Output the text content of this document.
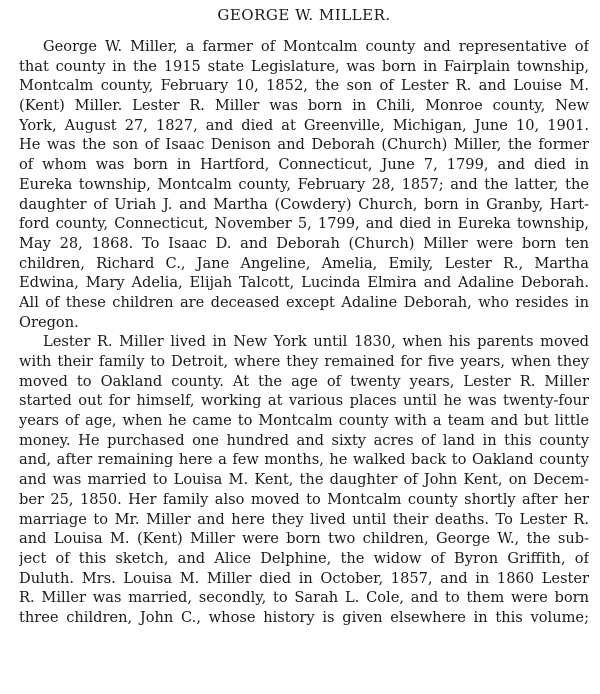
GEORGE W. MILLER.
George W. Miller, a farmer of Montcalm county and representative of
that county in the 1915 state Legislature, was born in Fairplain township,
Montcalm county, February 10, 1852, the son of Lester R. and Louise M.
(Kent) Miller. Lester R. Miller was born in Chili, Monroe county, New
York, August 27, 1827, and died at Greenville, Michigan, June 10, 1901.
He was the son of Isaac Denison and Deborah (Church) Miller, the former
of whom was born in Hartford, Connecticut, June 7, 1799, and died in
Eureka township, Montcalm county, February 28, 1857; and the latter, the
daughter of Uriah J. and Martha (Cowdery) Church, born in Granby, Hart-
ford county, Connecticut, November 5, 1799, and died in Eureka township,
May 28, 1868. To Isaac D. and Deborah (Church) Miller were born ten
children, Richard C., Jane Angeline, Amelia, Emily, Lester R., Martha
Edwina, Mary Adelia, Elijah Talcott, Lucinda Elmira and Adaline Deborah.
All of these children are deceased except Adaline Deborah, who resides in
Oregon.
Lester R. Miller lived in New York until 1830, when his parents moved
with their family to Detroit, where they remained for five years, when they
moved to Oakland county. At the age of twenty years, Lester R. Miller
started out for himself, working at various places until he was twenty-four
years of age, when he came to Montcalm county with a team and but little
money. He purchased one hundred and sixty acres of land in this county
and, after remaining here a few months, he walked back to Oakland county
and was married to Louisa M. Kent, the daughter of John Kent, on Decem-
ber 25, 1850. Her family also moved to Montcalm county shortly after her
marriage to Mr. Miller and here they lived until their deaths. To Lester R.
and Louisa M. (Kent) Miller were born two children, George W., the sub-
ject of this sketch, and Alice Delphine, the widow of Byron Griffith, of
Duluth. Mrs. Louisa M. Miller died in October, 1857, and in 1860 Lester
R. Miller was married, secondly, to Sarah L. Cole, and to them were born
three children, John C., whose history is given elsewhere in this volume;
